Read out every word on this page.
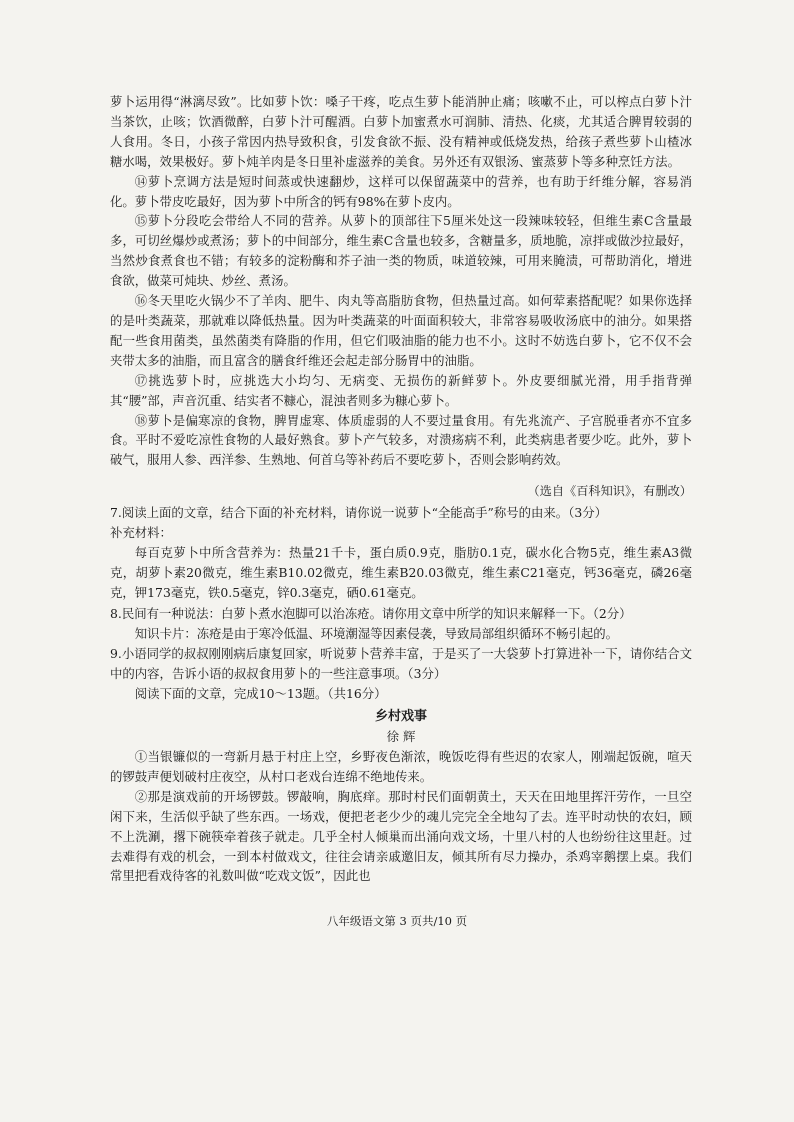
萝卜运用得“淋漓尽致”。比如萝卜饮：嗓子干疼，吃点生萝卜能消肿止痛；咳嗽不止，可以榨点白萝卜汁当茶饮，止咳；饮酒微醉，白萝卜汁可醒酒。白萝卜加蜜煮水可润肺、清热、化痰，尤其适合脾胃较弱的人食用。冬日，小孩子常因内热导致积食，引发食欲不振、没有精神或低烧发热，给孩子煮些萝卜山楂冰糖水喝，效果极好。萝卜炖羊肉是冬日里补虚滋养的美食。另外还有双银汤、蜜蒸萝卜等多种烹饪方法。

⑭萝卜烹调方法是短时间蒸或快速翻炒，这样可以保留蔬菜中的营养，也有助于纤维分解，容易消化。萝卜带皮吃最好，因为萝卜中所含的钙有98%在萝卜皮内。

⑮萝卜分段吃会带给人不同的营养。从萝卜的顶部往下5厘米处这一段辣味较轻，但维生素C含量最多，可切丝爆炒或煮汤；萝卜的中间部分，维生素C含量也较多，含糖量多，质地脆，凉拌或做沙拉最好，当然炒食煮食也不错；有较多的淀粉酶和芥子油一类的物质，味道较辣，可用来腌渍，可帮助消化，增进食欲，做菜可炖块、炒丝、煮汤。

⑯冬天里吃火锅少不了羊肉、肥牛、肉丸等高脂肪食物，但热量过高。如何荤素搭配呢？如果你选择的是叶类蔬菜，那就难以降低热量。因为叶类蔬菜的叶面面积较大，非常容易吸收汤底中的油分。如果搭配一些食用菌类，虽然菌类有降脂的作用，但它们吸油脂的能力也不小。这时不妨选白萝卜，它不仅不会夹带太多的油脂，而且富含的膳食纤维还会起走部分肠胃中的油脂。

⑰挑选萝卜时，应挑选大小均匀、无病变、无损伤的新鲜萝卜。外皮要细腻光滑，用手指背弹其“腰”部，声音沉重、结实者不糠心，混浊者则多为糠心萝卜。

⑱萝卜是偏寒凉的食物，脾胃虚寒、体质虚弱的人不要过量食用。有先兆流产、子宫脱垂者亦不宜多食。平时不爱吃凉性食物的人最好熟食。萝卜产气较多，对溃疡病不利，此类病患者要少吃。此外，萝卜破气，服用人参、西洋参、生熟地、何首乌等补药后不要吃萝卜，否则会影响药效。

（选自《百科知识》，有删改）

7.阅读上面的文章，结合下面的补充材料，请你说一说萝卜“全能高手”称号的由来。（3分）

补充材料：

每百克萝卜中所含营养为：热量21千卡，蛋白质0.9克，脂肪0.1克，碳水化合物5克，维生素A3微克，胡萝卜素20微克，维生素B10.02微克，维生素B20.03微克，维生素C21毫克，钙36毫克，磷26毫克，钾173毫克，铁0.5毫克，锌0.3毫克，硒0.61毫克。

8.民间有一种说法：白萝卜煮水泡脚可以治冻疮。请你用文章中所学的知识来解释一下。（2分）

知识卡片：冻疮是由于寒冷低温、环境潮湿等因素侵袭，导致局部组织循环不畅引起的。

9.小语同学的叔叔刚刚病后康复回家，听说萝卜营养丰富，于是买了一大袋萝卜打算进补一下，请你结合文中的内容，告诉小语的叔叔食用萝卜的一些注意事项。（3分）

阅读下面的文章，完成10～13题。（共16分）

乡村戏事

徐 辉

①当银镰似的一弯新月悬于村庄上空，乡野夜色渐浓，晚饭吃得有些迟的农家人，刚端起饭碗，喧天的锣鼓声便划破村庄夜空，从村口老戏台连绵不绝地传来。

②那是演戏前的开场锣鼓。锣敲响，胸底痒。那时村民们面朝黄土，天天在田地里挥汗劳作，一旦空闲下来，生活似乎缺了些东西。一场戏，便把老老少少的魂儿完完全全地勾了去。连平时动快的农妇，顾不上洗涮，撂下碗筷牵着孩子就走。几乎全村人倾巢而出涌向戏文场，十里八村的人也纷纷往这里赶。过去难得有戏的机会，一到本村做戏文，往往会请亲戚邀旧友，倾其所有尽力操办，杀鸡宰鹅摆上桌。我们常里把看戏待客的礼数叫做“吃戏文饭”，因此也

八年级语文第 3 页共/10 页
